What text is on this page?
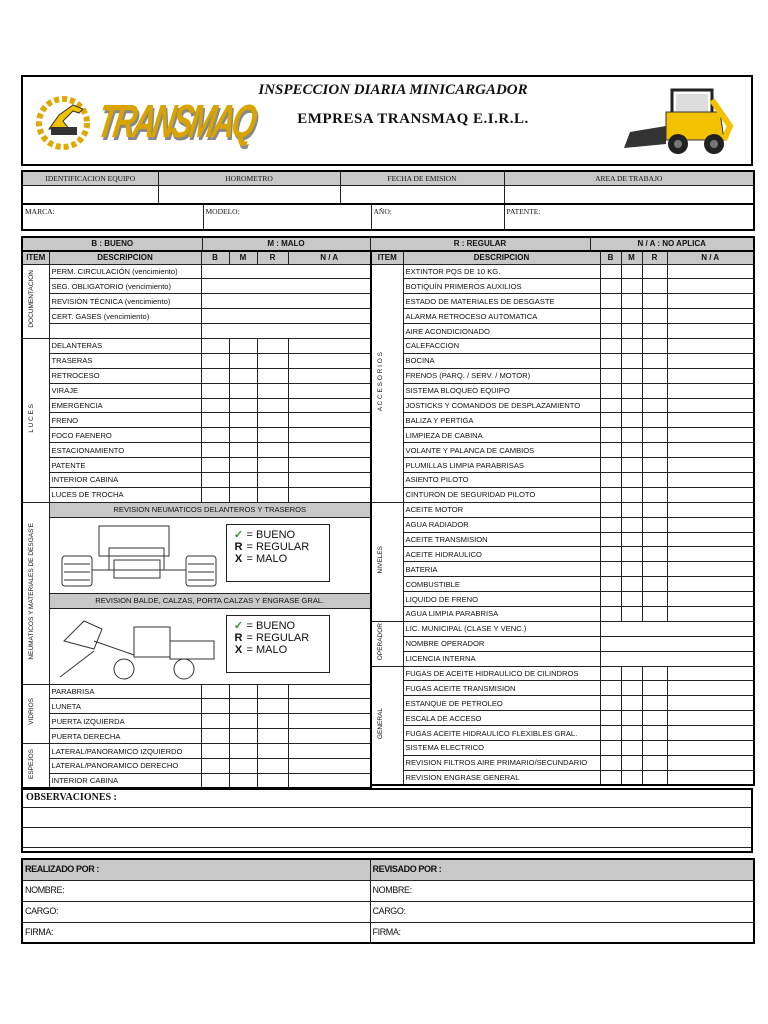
TRANSMAQ
INSPECCION DIARIA MINICARGADOR
EMPRESA TRANSMAQ E.I.R.L.
IDENTIFICACION EQUIPO	HOROMETRO	FECHA DE EMISION	AREA DE TRABAJO

MARCA:	MODELO:	AÑO:	PATENTE:
B : BUENO	M : MALO	R : REGULAR	N / A : NO APLICA
ITEM	DESCRIPCION	B	M	R	N / A
DOCUMENTACION	PERM. CIRCULACIÓN (vencimiento)				
	SEG. OBLIGATORIO (vencimiento)				
	REVISIÓN TÉCNICA (vencimiento)				
	CERT. GASES (vencimiento)				

L U C E S	DELANTERAS				
	TRASERAS				
	RETROCESO				
	VIRAJE				
	EMERGENCIA				
	FRENO				
	FOCO FAENERO				
	ESTACIONAMIENTO				
	PATENTE				
	INTERIOR CABINA				
	LUCES DE TROCHA				
NEUMATICOS Y MATERIALES DE DESGAS'E	REVISION NEUMATICOS DELANTEROS Y TRASEROS				

	✓ = BUENO
R = REGULAR
X = MALO				

	REVISION BALDE, CALZAS, PORTA CALZAS Y ENGRASE GRAL.				

	✓ = BUENO
R = REGULAR
X = MALO				

VIDRIOS	PARABRISA				
	LUNETA				
	PUERTA IZQUIERDA				
	PUERTA DERECHA				
ESPEJOS	LATERAL/PANORAMICO IZQUIERDO				
	LATERAL/PANORAMICO DERECHO				
	INTERIOR CABINA				
ITEM	DESCRIPCION	B	M	R	N / A
A C C E S O R I O S	EXTINTOR PQS DE 10 KG.				
	BOTIQUÍN PRIMEROS AUXILIOS				
	ESTADO DE MATERIALES DE DESGASTE				
	ALARMA RETROCESO AUTOMATICA				
	AIRE ACONDICIONADO				
	CALEFACCION				
	BOCINA				
	FRENOS (PARQ. / SERV. / MOTOR)				
	SISTEMA BLOQUEO EQUIPO				
	JOSTICKS Y COMANDOS DE DESPLAZAMIENTO				
	BALIZA Y PERTIGA				
	LIMPIEZA DE CABINA				
	VOLANTE Y PALANCA DE CAMBIOS				
	PLUMILLAS LIMPIA PARABRISAS				
	ASIENTO PILOTO				
	CINTURON DE SEGURIDAD PILOTO				
NIVELES	ACEITE MOTOR				
	AGUA RADIADOR				
	ACEITE TRANSMISION				
	ACEITE HIDRAULICO				
	BATERIA				
	COMBUSTIBLE				
	LIQUIDO DE FRENO				
	AGUA LIMPIA PARABRISA				
OPERADOR	LIC. MUNICIPAL (CLASE Y VENC.)				
	NOMBRE OPERADOR				
	LICENCIA INTERNA				
GENERAL	FUGAS DE ACEITE HIDRAULICO DE CILINDROS				
	FUGAS ACEITE TRANSMISION				
	ESTANQUE DE PETROLEO				
	ESCALA DE ACCESO				
	FUGAS ACEITE HIDRAULICO FLEXIBLES GRAL.				
	SISTEMA ELECTRICO				
	REVISION FILTROS AIRE PRIMARIO/SECUNDARIO				
	REVISION ENGRASE GENERAL				
OBSERVACIONES :
REALIZADO POR :	REVISADO POR :
NOMBRE:	NOMBRE:
CARGO:	CARGO:
FIRMA:	FIRMA:
